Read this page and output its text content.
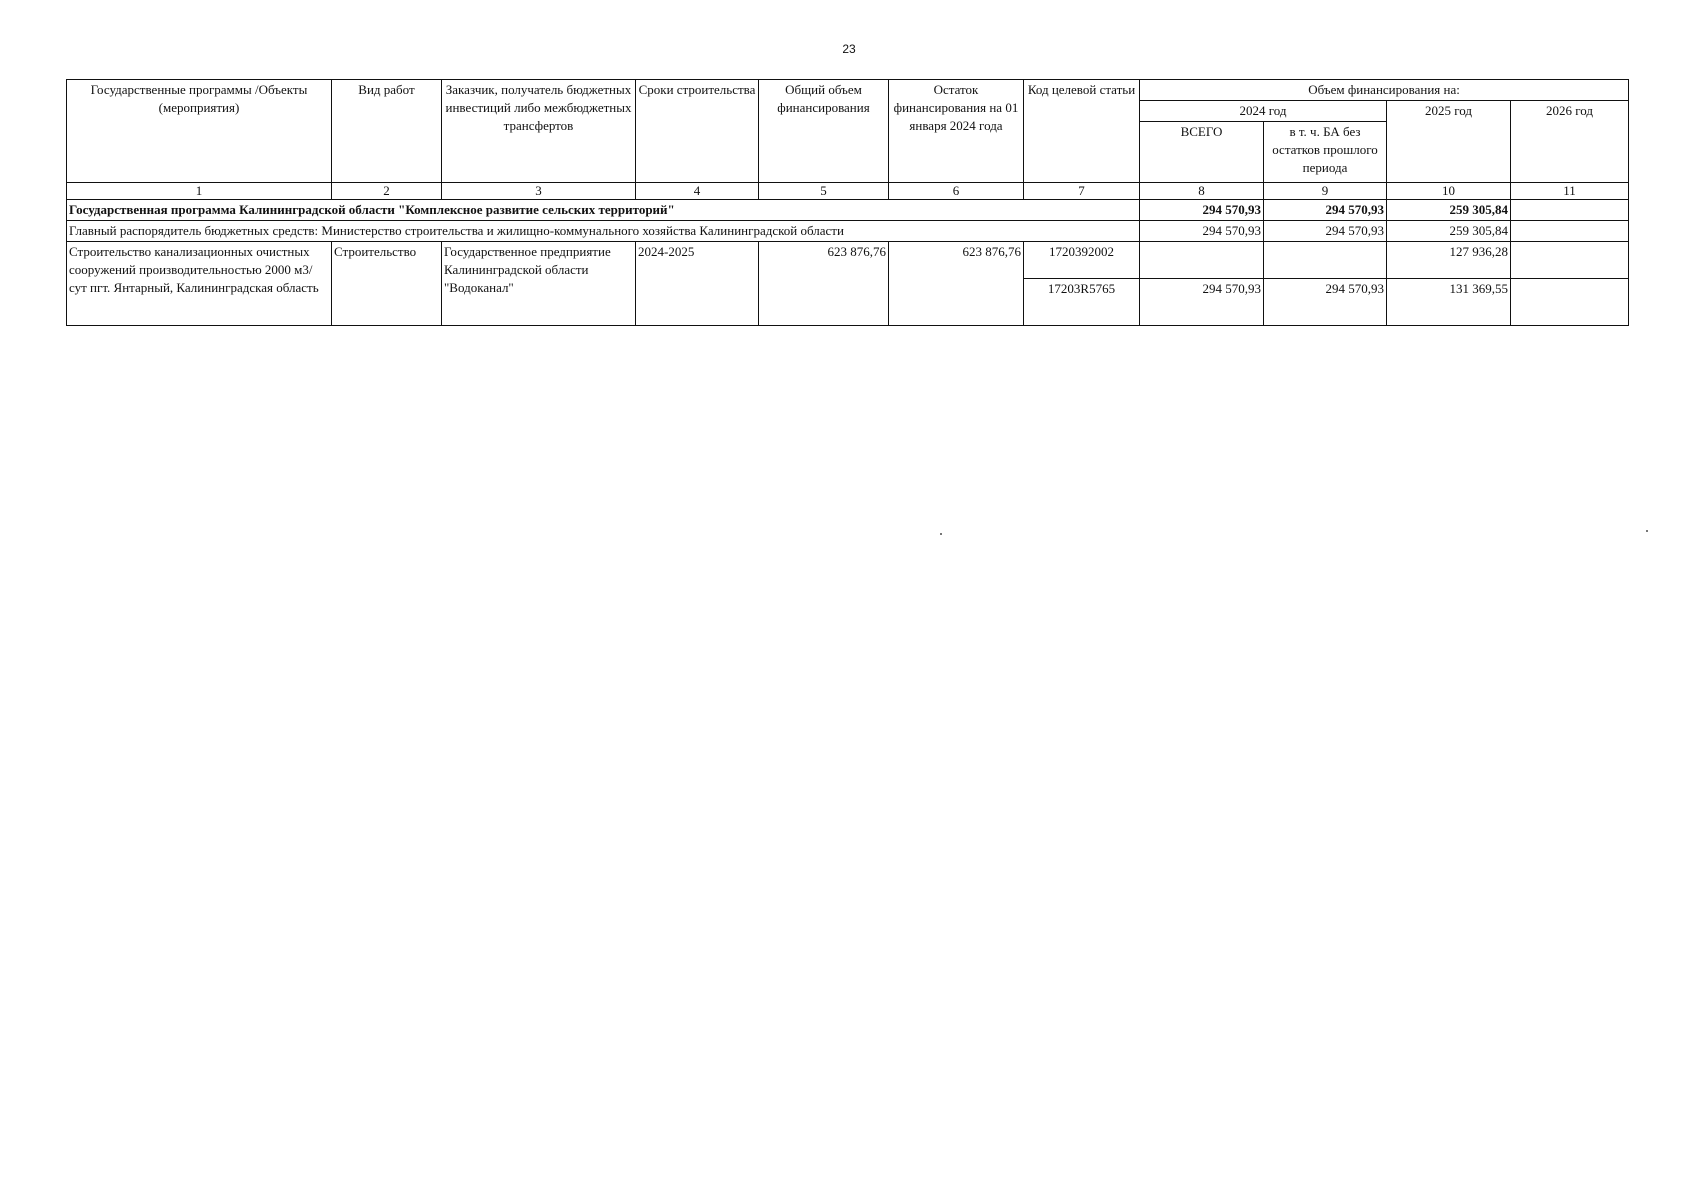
23
Государственные программы /Объекты (мероприятия)	Вид работ	Заказчик, получатель бюджетных инвестиций либо межбюджетных трансфертов	Сроки строительства	Общий объем финансирования	Остаток финансирования на 01 января 2024 года	Код целевой статьи	Объем финансирования на:			
							2024 год		2025 год	2026 год
							ВСЕГО	в т. ч. БА без остатков прошлого периода		
1	2	3	4	5	6	7	8	9	10	11
Государственная программа Калининградской области "Комплексное развитие сельских территорий"							294 570,93	294 570,93	259 305,84	
Главный распорядитель бюджетных средств: Министерство строительства и жилищно-коммунального хозяйства Калининградской области							294 570,93	294 570,93	259 305,84	
Строительство канализационных очистных сооружений производительностью 2000 м3/сут пгт. Янтарный, Калининградская область	Строительство	Государственное предприятие Калининградской области "Водоканал"	2024-2025	623 876,76	623 876,76	1720392002			127 936,28	
						17203R5765	294 570,93	294 570,93	131 369,55	
